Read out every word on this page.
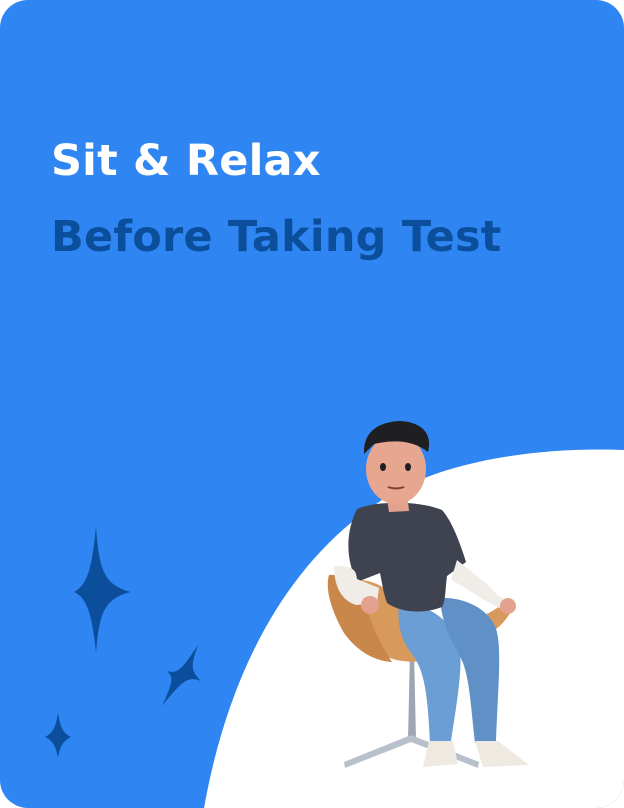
Sit & Relax
Before Taking Test
